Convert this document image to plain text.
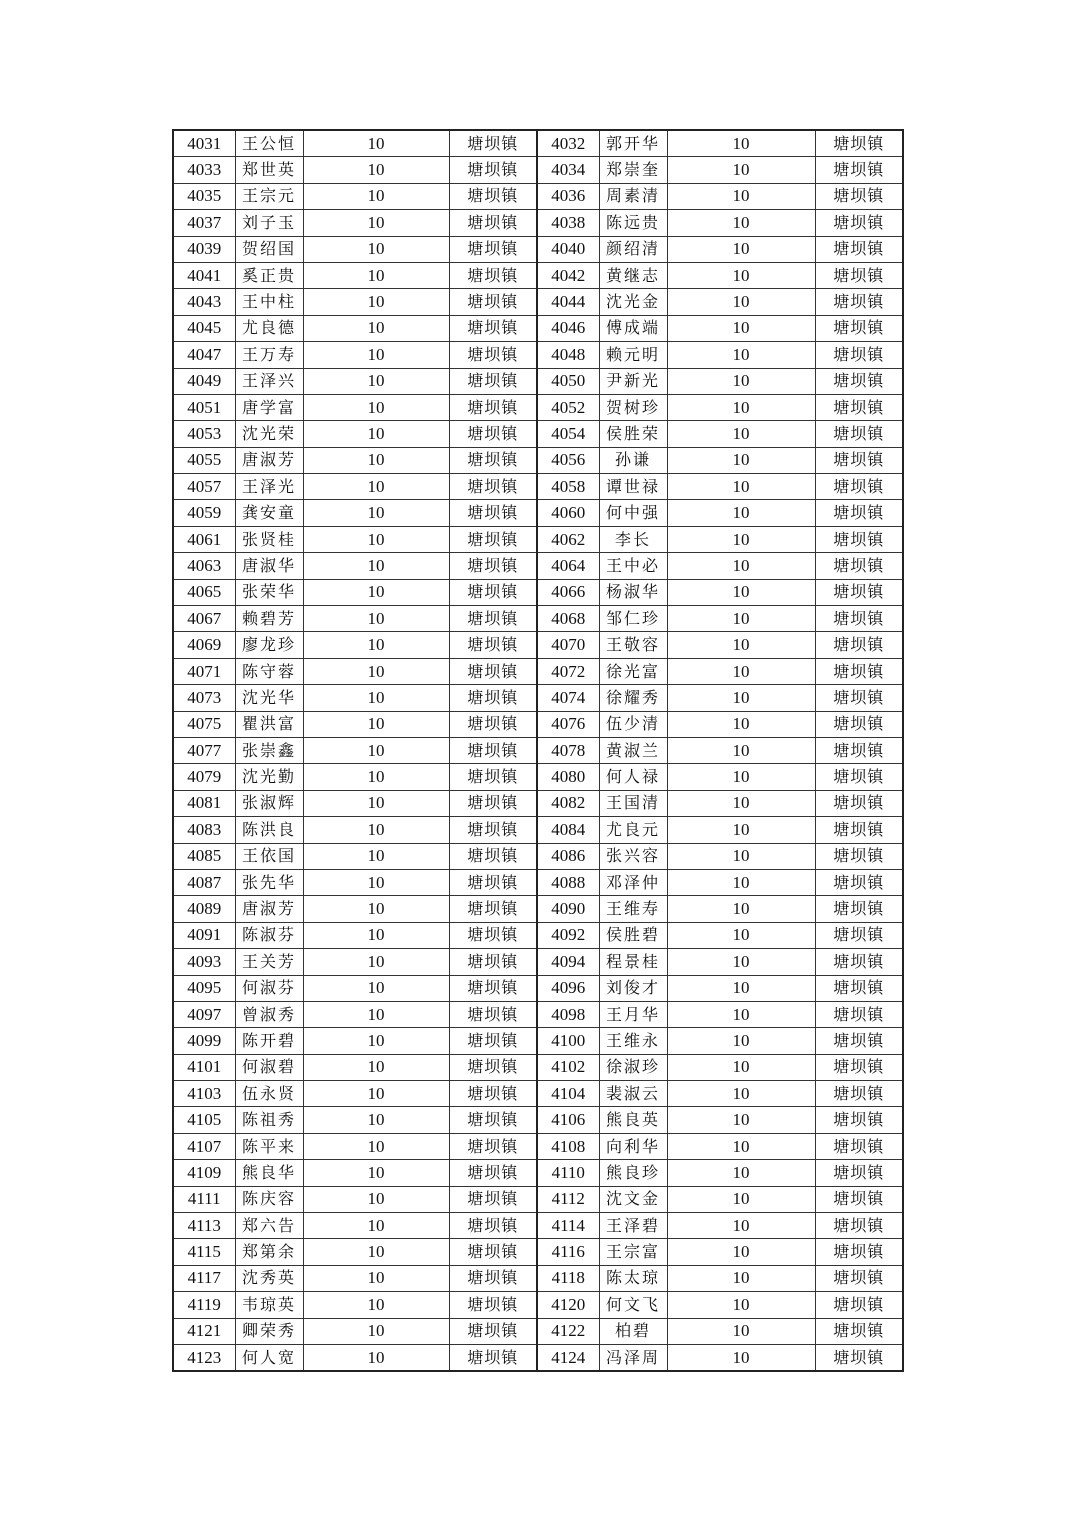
4031	王公恒	10	塘坝镇	4032	郭开华	10	塘坝镇
4033	郑世英	10	塘坝镇	4034	郑崇奎	10	塘坝镇
4035	王宗元	10	塘坝镇	4036	周素清	10	塘坝镇
4037	刘子玉	10	塘坝镇	4038	陈远贵	10	塘坝镇
4039	贺绍国	10	塘坝镇	4040	颜绍清	10	塘坝镇
4041	奚正贵	10	塘坝镇	4042	黄继志	10	塘坝镇
4043	王中柱	10	塘坝镇	4044	沈光金	10	塘坝镇
4045	尤良德	10	塘坝镇	4046	傅成端	10	塘坝镇
4047	王万寿	10	塘坝镇	4048	赖元明	10	塘坝镇
4049	王泽兴	10	塘坝镇	4050	尹新光	10	塘坝镇
4051	唐学富	10	塘坝镇	4052	贺树珍	10	塘坝镇
4053	沈光荣	10	塘坝镇	4054	侯胜荣	10	塘坝镇
4055	唐淑芳	10	塘坝镇	4056	孙谦	10	塘坝镇
4057	王泽光	10	塘坝镇	4058	谭世禄	10	塘坝镇
4059	龚安童	10	塘坝镇	4060	何中强	10	塘坝镇
4061	张贤桂	10	塘坝镇	4062	李长	10	塘坝镇
4063	唐淑华	10	塘坝镇	4064	王中必	10	塘坝镇
4065	张荣华	10	塘坝镇	4066	杨淑华	10	塘坝镇
4067	赖碧芳	10	塘坝镇	4068	邹仁珍	10	塘坝镇
4069	廖龙珍	10	塘坝镇	4070	王敬容	10	塘坝镇
4071	陈守蓉	10	塘坝镇	4072	徐光富	10	塘坝镇
4073	沈光华	10	塘坝镇	4074	徐耀秀	10	塘坝镇
4075	瞿洪富	10	塘坝镇	4076	伍少清	10	塘坝镇
4077	张崇鑫	10	塘坝镇	4078	黄淑兰	10	塘坝镇
4079	沈光勤	10	塘坝镇	4080	何人禄	10	塘坝镇
4081	张淑辉	10	塘坝镇	4082	王国清	10	塘坝镇
4083	陈洪良	10	塘坝镇	4084	尤良元	10	塘坝镇
4085	王依国	10	塘坝镇	4086	张兴容	10	塘坝镇
4087	张先华	10	塘坝镇	4088	邓泽仲	10	塘坝镇
4089	唐淑芳	10	塘坝镇	4090	王维寿	10	塘坝镇
4091	陈淑芬	10	塘坝镇	4092	侯胜碧	10	塘坝镇
4093	王关芳	10	塘坝镇	4094	程景桂	10	塘坝镇
4095	何淑芬	10	塘坝镇	4096	刘俊才	10	塘坝镇
4097	曾淑秀	10	塘坝镇	4098	王月华	10	塘坝镇
4099	陈开碧	10	塘坝镇	4100	王维永	10	塘坝镇
4101	何淑碧	10	塘坝镇	4102	徐淑珍	10	塘坝镇
4103	伍永贤	10	塘坝镇	4104	裴淑云	10	塘坝镇
4105	陈祖秀	10	塘坝镇	4106	熊良英	10	塘坝镇
4107	陈平来	10	塘坝镇	4108	向利华	10	塘坝镇
4109	熊良华	10	塘坝镇	4110	熊良珍	10	塘坝镇
4111	陈庆容	10	塘坝镇	4112	沈文金	10	塘坝镇
4113	郑六告	10	塘坝镇	4114	王泽碧	10	塘坝镇
4115	郑第余	10	塘坝镇	4116	王宗富	10	塘坝镇
4117	沈秀英	10	塘坝镇	4118	陈太琼	10	塘坝镇
4119	韦琼英	10	塘坝镇	4120	何文飞	10	塘坝镇
4121	卿荣秀	10	塘坝镇	4122	柏碧	10	塘坝镇
4123	何人宽	10	塘坝镇	4124	冯泽周	10	塘坝镇
